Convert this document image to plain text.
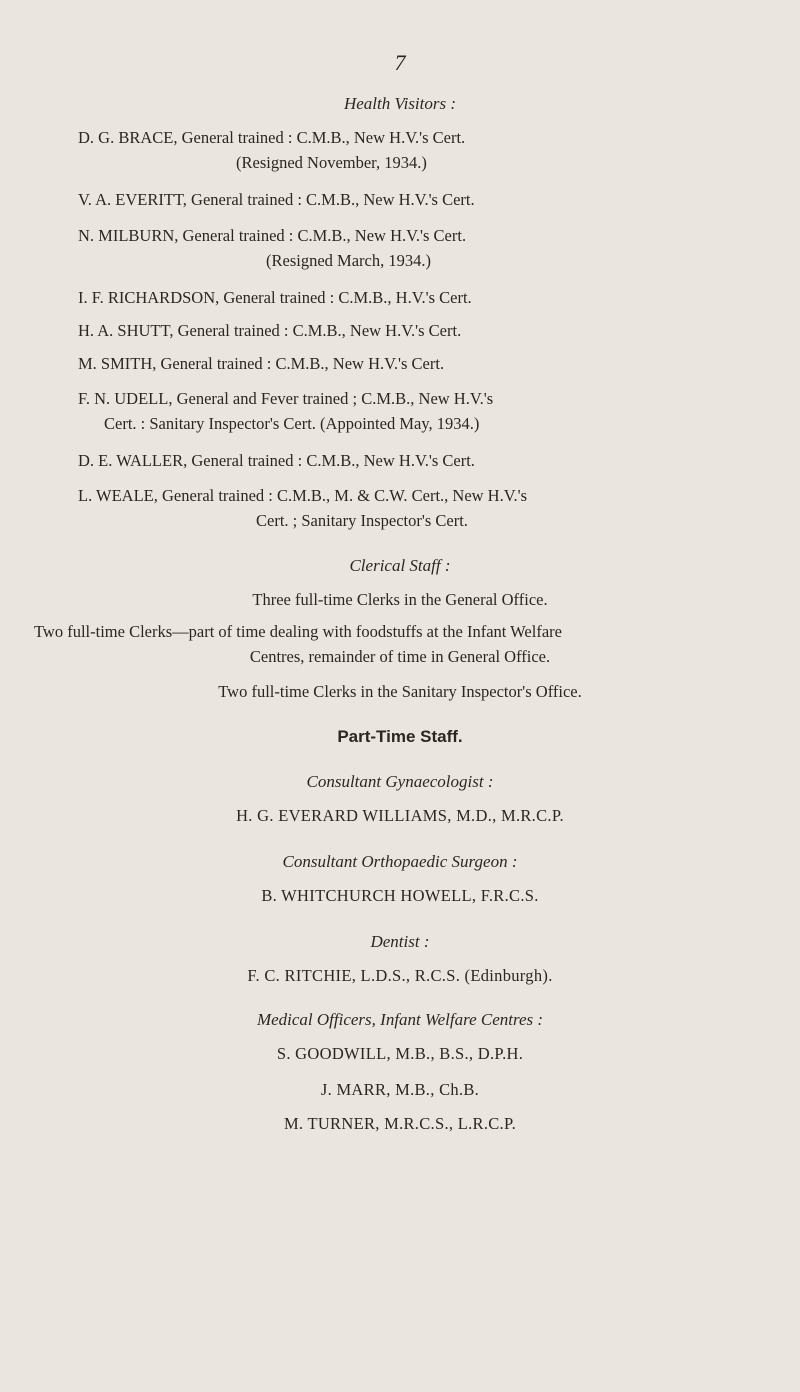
7
Health Visitors :
D. G. BRACE, General trained : C.M.B., New H.V.'s Cert.
(Resigned November, 1934.)
V. A. EVERITT, General trained : C.M.B., New H.V.'s Cert.
N. MILBURN, General trained : C.M.B., New H.V.'s Cert.
(Resigned March, 1934.)
I. F. RICHARDSON, General trained : C.M.B., H.V.'s Cert.
H. A. SHUTT, General trained : C.M.B., New H.V.'s Cert.
M. SMITH, General trained : C.M.B., New H.V.'s Cert.
F. N. UDELL, General and Fever trained ; C.M.B., New H.V.'s
Cert. : Sanitary Inspector's Cert. (Appointed May, 1934.)
D. E. WALLER, General trained : C.M.B., New H.V.'s Cert.
L. WEALE, General trained : C.M.B., M. & C.W. Cert., New H.V.'s
Cert. ; Sanitary Inspector's Cert.
Clerical Staff :
Three full-time Clerks in the General Office.
Two full-time Clerks—part of time dealing with foodstuffs at the Infant Welfare
Centres, remainder of time in General Office.
Two full-time Clerks in the Sanitary Inspector's Office.
Part-Time Staff.
Consultant Gynaecologist :
H. G. EVERARD WILLIAMS, M.D., M.R.C.P.
Consultant Orthopaedic Surgeon :
B. WHITCHURCH HOWELL, F.R.C.S.
Dentist :
F. C. RITCHIE, L.D.S., R.C.S. (Edinburgh).
Medical Officers, Infant Welfare Centres :
S. GOODWILL, M.B., B.S., D.P.H.
J. MARR, M.B., Ch.B.
M. TURNER, M.R.C.S., L.R.C.P.
